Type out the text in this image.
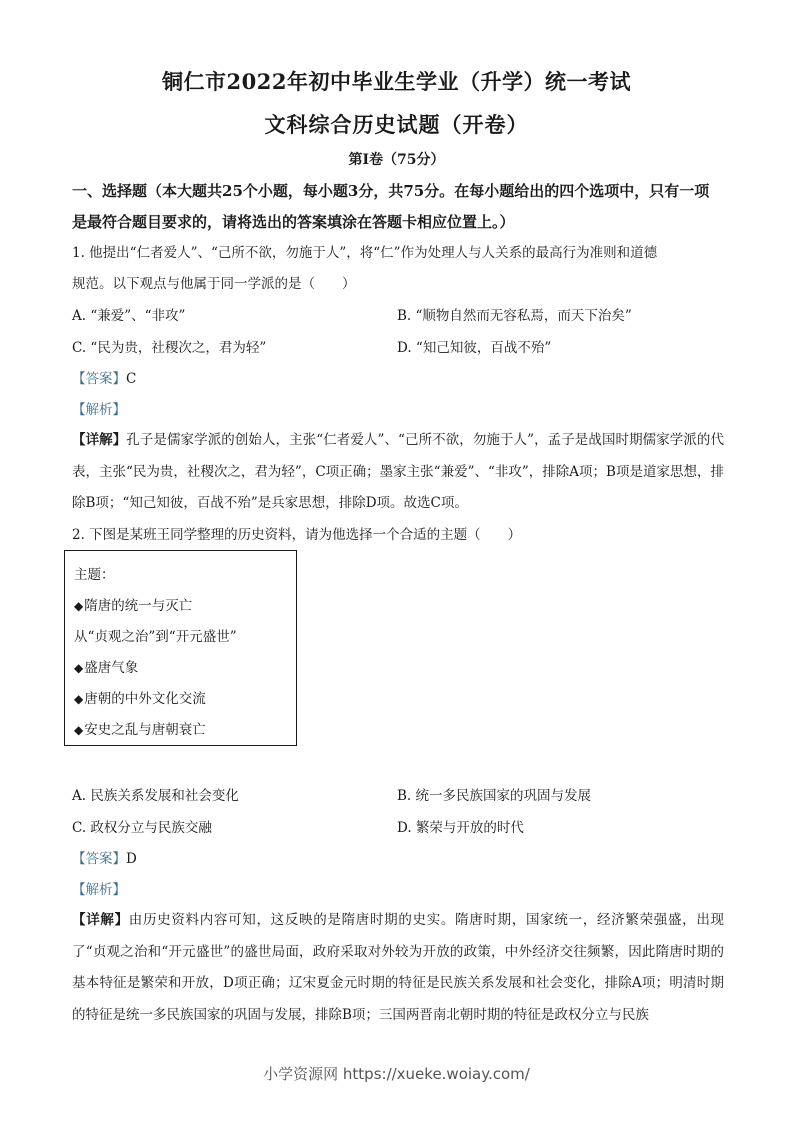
铜仁市2022年初中毕业生学业（升学）统一考试
文科综合历史试题（开卷）
第Ⅰ卷（75分）
一、选择题（本大题共25个小题，每小题3分，共75分。在每小题给出的四个选项中，只有一项是最符合题目要求的，请将选出的答案填涂在答题卡相应位置上。）
1. 他提出“仁者爱人”、“己所不欲，勿施于人”，将“仁”作为处理人与人关系的最高行为准则和道德
规范。以下观点与他属于同一学派的是（　　）
A. “兼爱”、“非攻”	B. “顺物自然而无容私焉，而天下治矣”
C. “民为贵，社稷次之，君为轻”	D. “知己知彼，百战不殆”
【答案】C
【解析】
【详解】孔子是儒家学派的创始人，主张“仁者爱人”、“己所不欲，勿施于人”，孟子是战国时期儒家学派的代表，主张“民为贵，社稷次之，君为轻”，C项正确；墨家主张“兼爱”、“非攻”，排除A项；B项是道家思想，排除B项；“知己知彼，百战不殆”是兵家思想，排除D项。故选C项。
2. 下图是某班王同学整理的历史资料，请为他选择一个合适的主题（　　）
主题：
◆隋唐的统一与灭亡
从“贞观之治”到“开元盛世”
◆盛唐气象
◆唐朝的中外文化交流
◆安史之乱与唐朝衰亡
A. 民族关系发展和社会变化	B. 统一多民族国家的巩固与发展
C. 政权分立与民族交融	D. 繁荣与开放的时代
【答案】D
【解析】
【详解】由历史资料内容可知，这反映的是隋唐时期的史实。隋唐时期，国家统一，经济繁荣强盛，出现了“贞观之治和“开元盛世”的盛世局面，政府采取对外较为开放的政策，中外经济交往频繁，因此隋唐时期的基本特征是繁荣和开放，D项正确；辽宋夏金元时期的特征是民族关系发展和社会变化，排除A项；明清时期的特征是统一多民族国家的巩固与发展，排除B项；三国两晋南北朝时期的特征是政权分立与民族
小学资源网 https://xueke.woiay.com/
